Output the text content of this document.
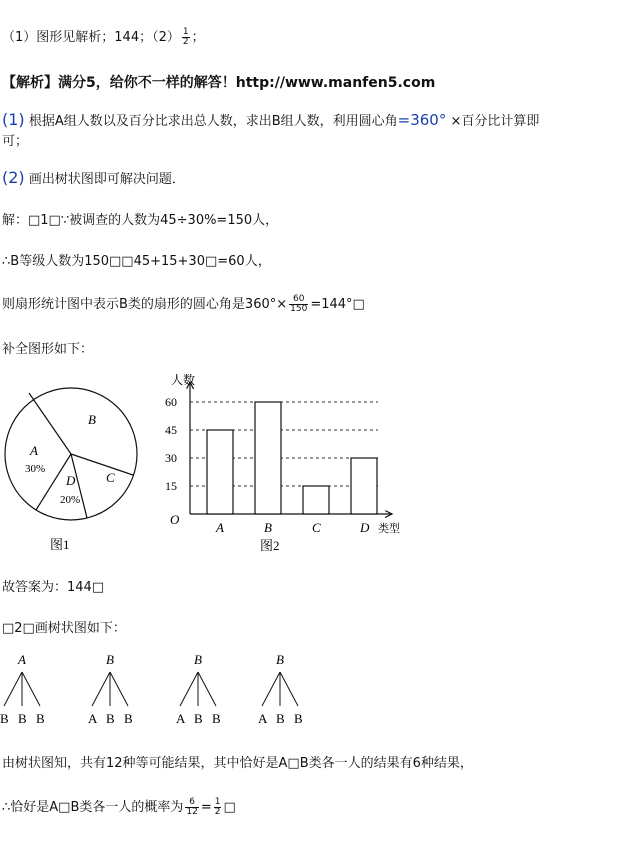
（1）图形见解析；144；$(2) \frac{1}{2}$ ；
【解析】满分5，给你不一样的解答！http://www.manfen5.com
(1) 根据A组人数以及百分比求出总人数，求出B组人数，利用圆心角=360° ×百分比计算即
可；
(2) 画出树状图即可解决问题．
解：□1□∵被调查的人数为45÷30%=150人，
∴B等级人数为150□□45+15+30□=60人，
则扇形统计图中表示B类的扇形的圆心角是$360^\circ\times \frac{60}{150}$ =144°□
补全图形如下：
B
A
30%
C
D
20%
图1
人数
类型
O
15
30
45
60
A	B	C	D
图2
故答案为：144□
□2□画树状图如下：
A
B B B
B
A B B
B
A B B
B
A B B
由树状图知，共有12种等可能结果，其中恰好是A□B类各一人的结果有6种结果，
∴恰好是A□B类各一人的概率为 $\frac{6}{12} = \frac{1}{2}$ □
